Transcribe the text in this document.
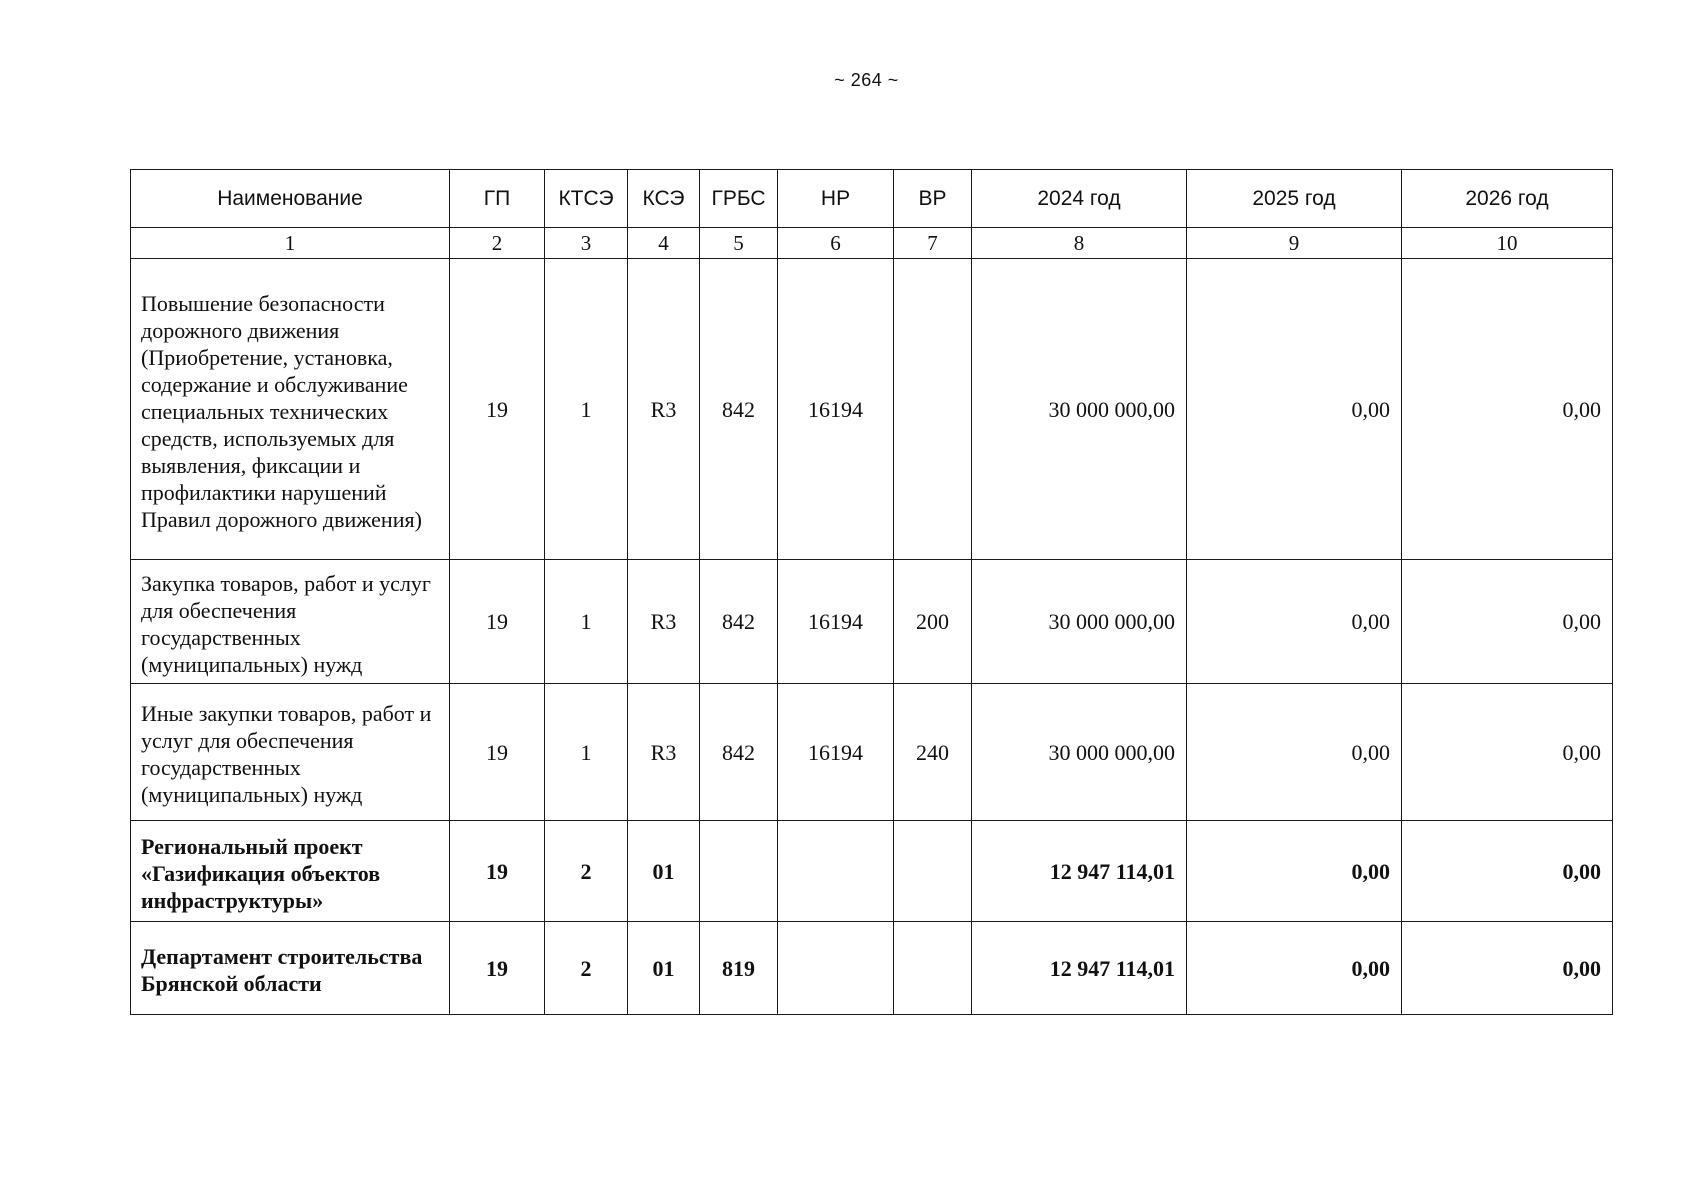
~ 264 ~
Наименование	ГП	КТСЭ	КСЭ	ГРБС	НР	ВР	2024 год	2025 год	2026 год
1	2	3	4	5	6	7	8	9	10
Повышение безопасности дорожного движения (Приобретение, установка, содержание и обслуживание специальных технических средств, используемых для выявления, фиксации и профилактики нарушений Правил дорожного движения)	19	1	R3	842	16194		30 000 000,00	0,00	0,00
Закупка товаров, работ и услуг для обеспечения государственных (муниципальных) нужд	19	1	R3	842	16194	200	30 000 000,00	0,00	0,00
Иные закупки товаров, работ и услуг для обеспечения государственных (муниципальных) нужд	19	1	R3	842	16194	240	30 000 000,00	0,00	0,00
Региональный проект «Газификация объектов инфраструктуры»	19	2	01				12 947 114,01	0,00	0,00
Департамент строительства Брянской области	19	2	01	819			12 947 114,01	0,00	0,00
